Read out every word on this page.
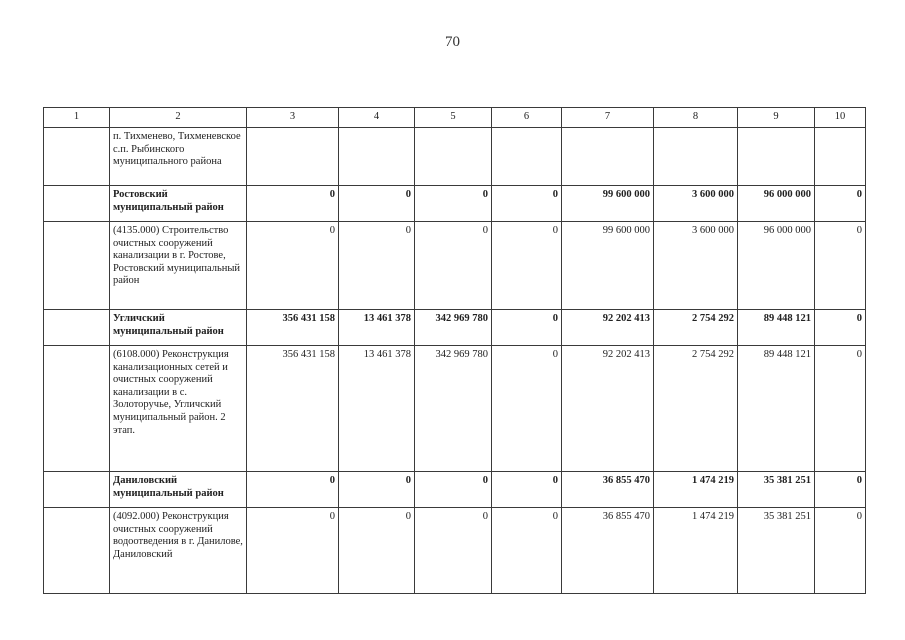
70
1	2	3	4	5	6	7	8	9	10
	п. Тихменево, Тихменевское с.п. Рыбинского муниципального района								
	Ростовский муниципальный район	0	0	0	0	99 600 000	3 600 000	96 000 000	0
	(4135.000) Строительство очистных сооружений канализации в г. Ростове, Ростовский муниципальный район	0	0	0	0	99 600 000	3 600 000	96 000 000	0
	Угличский муниципальный район	356 431 158	13 461 378	342 969 780	0	92 202 413	2 754 292	89 448 121	0
	(6108.000) Реконструкция канализационных сетей и очистных сооружений канализации в с. Золоторучье, Угличский муниципальный район. 2 этап.	356 431 158	13 461 378	342 969 780	0	92 202 413	2 754 292	89 448 121	0
	Даниловский муниципальный район	0	0	0	0	36 855 470	1 474 219	35 381 251	0
	(4092.000) Реконструкция очистных сооружений водоотведения в г. Данилове, Даниловский	0	0	0	0	36 855 470	1 474 219	35 381 251	0
